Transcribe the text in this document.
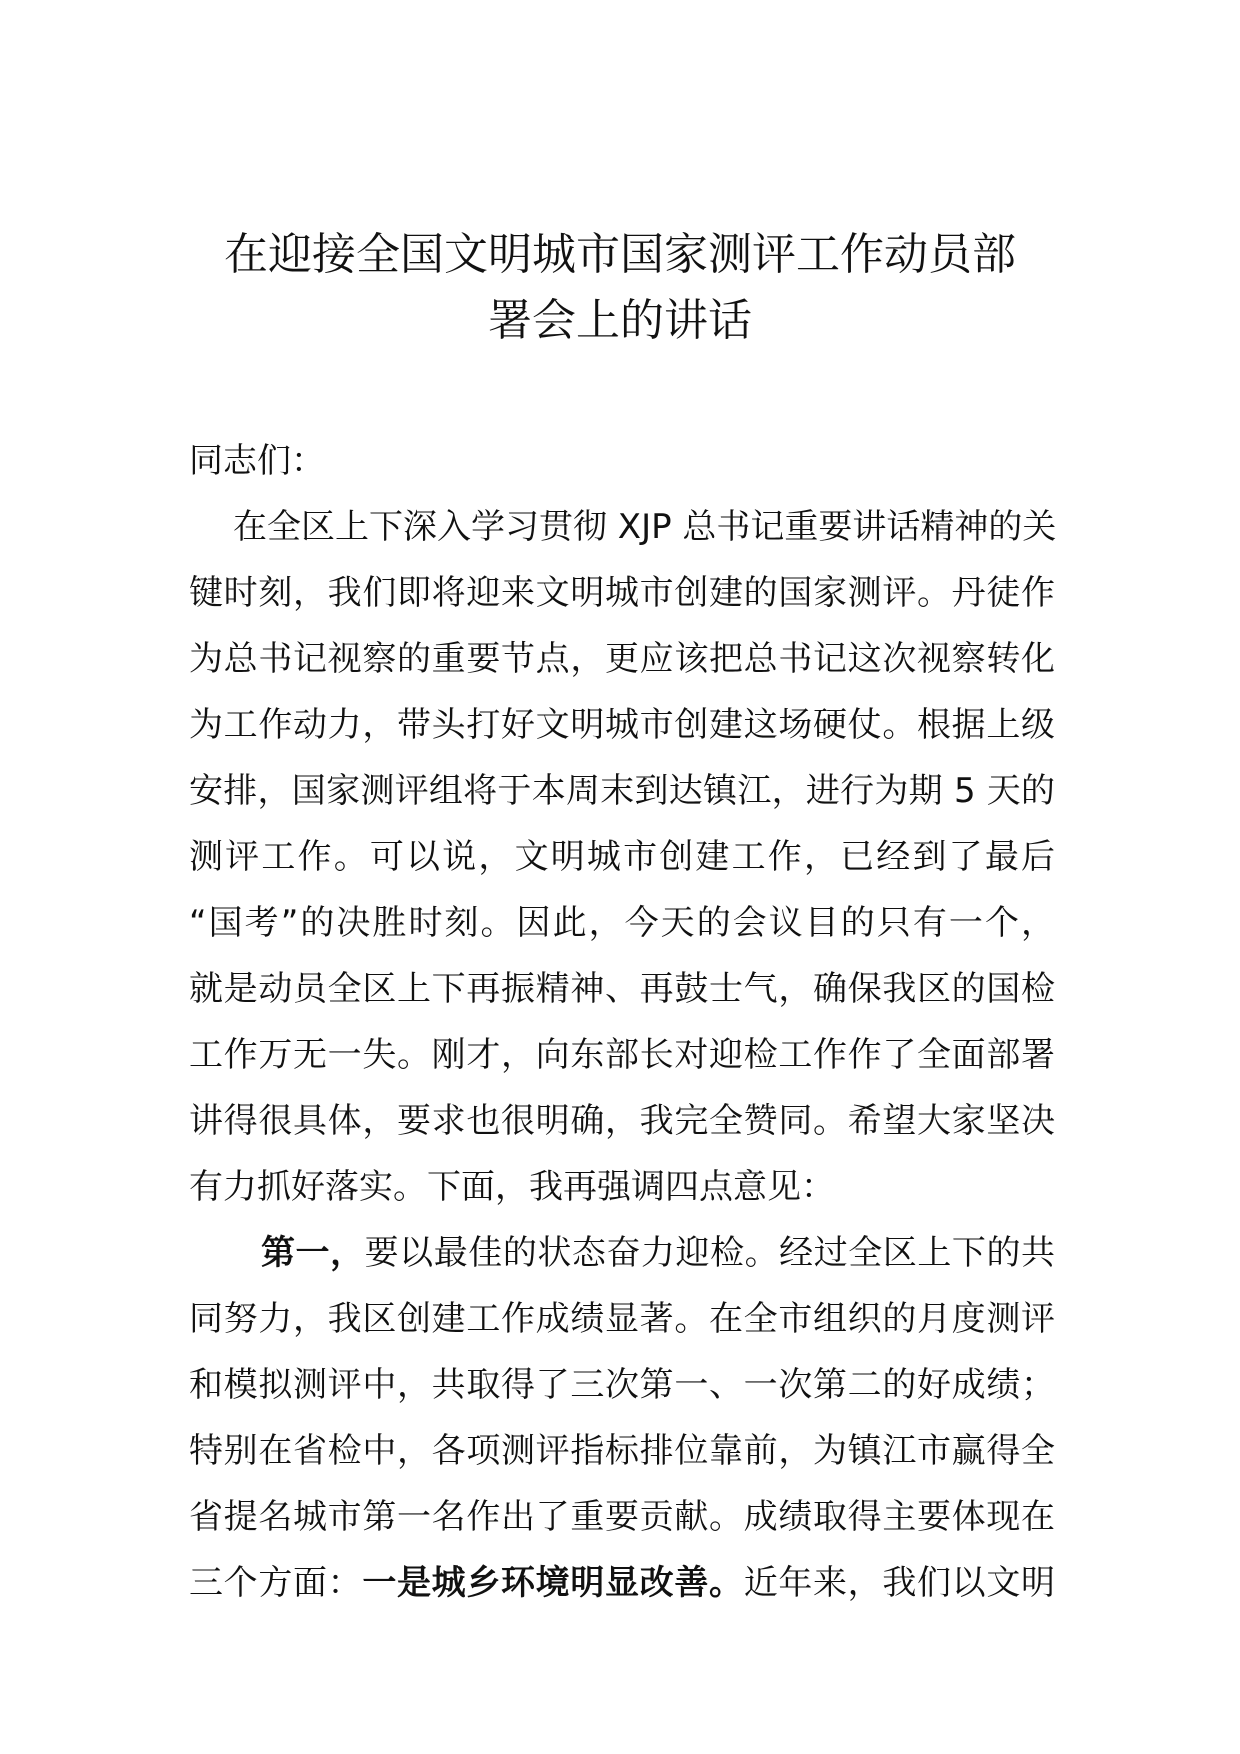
在迎接全国文明城市国家测评工作动员部
署会上的讲话
同志们：
在全区上下深入学习贯彻 XJP 总书记重要讲话精神的关
键时刻，我们即将迎来文明城市创建的国家测评。丹徒作
为总书记视察的重要节点，更应该把总书记这次视察转化
为工作动力，带头打好文明城市创建这场硬仗。根据上级
安排，国家测评组将于本周末到达镇江，进行为期 5 天的
测评工作。可以说，文明城市创建工作，已经到了最后
“国考”的决胜时刻。因此，今天的会议目的只有一个，
就是动员全区上下再振精神、再鼓士气，确保我区的国检
工作万无一失。刚才，向东部长对迎检工作作了全面部署
讲得很具体，要求也很明确，我完全赞同。希望大家坚决
有力抓好落实。下面，我再强调四点意见：
第一，要以最佳的状态奋力迎检。经过全区上下的共
同努力，我区创建工作成绩显著。在全市组织的月度测评
和模拟测评中，共取得了三次第一、一次第二的好成绩；
特别在省检中，各项测评指标排位靠前，为镇江市赢得全
省提名城市第一名作出了重要贡献。成绩取得主要体现在
三个方面：一是城乡环境明显改善。近年来，我们以文明
